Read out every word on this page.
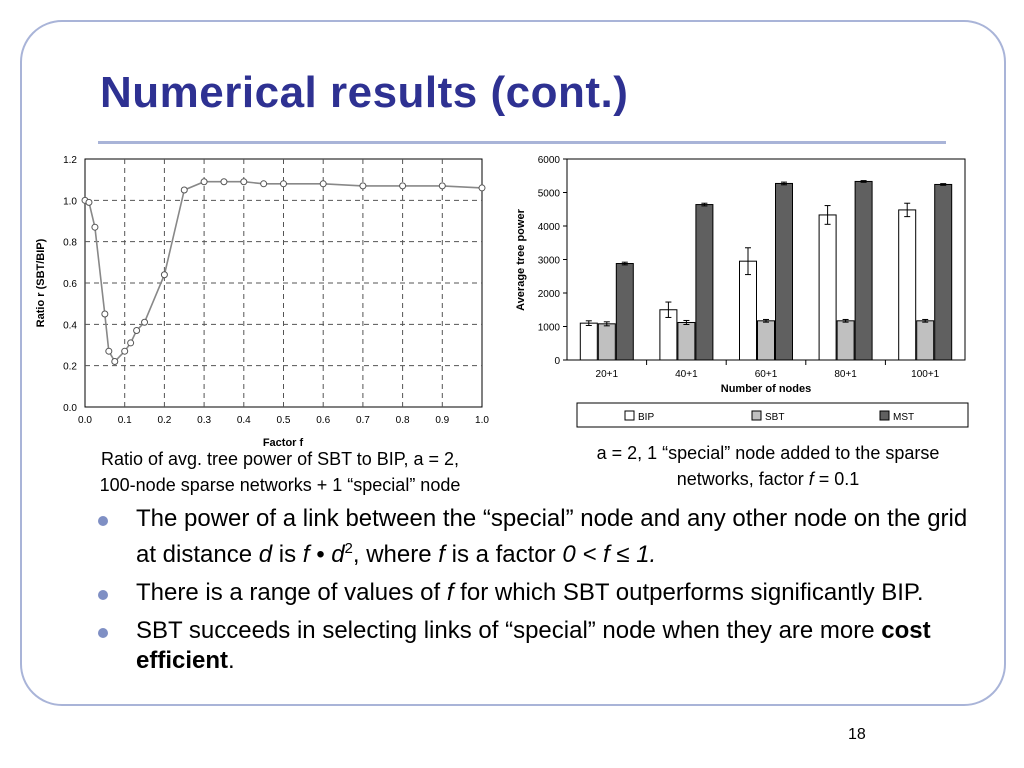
Numerical results (cont.)
0.0
0.2
0.4
0.6
0.8
1.0
1.2
0.0	0.1	0.2	0.3	0.4	0.5	0.6	0.7	0.8	0.9	1.0
Factor f
Ratio r (SBT/BIP)
0
1000
2000
3000
4000
5000
6000
20+1	40+1	60+1	80+1	100+1
Number of nodes
Average tree power
BIP	SBT	MST
Ratio of avg. tree power of SBT to BIP, a = 2,
100-node sparse networks + 1 “special” node
a = 2, 1 “special” node added to the sparse
networks, factor f = 0.1
The power of a link between the “special” node and any other node on the grid at distance d is f • $d^2$, where f is a factor 0 < f ≤ 1.
There is a range of values of f for which SBT outperforms significantly BIP.
SBT succeeds in selecting links of “special” node when they are more cost efficient.
18
